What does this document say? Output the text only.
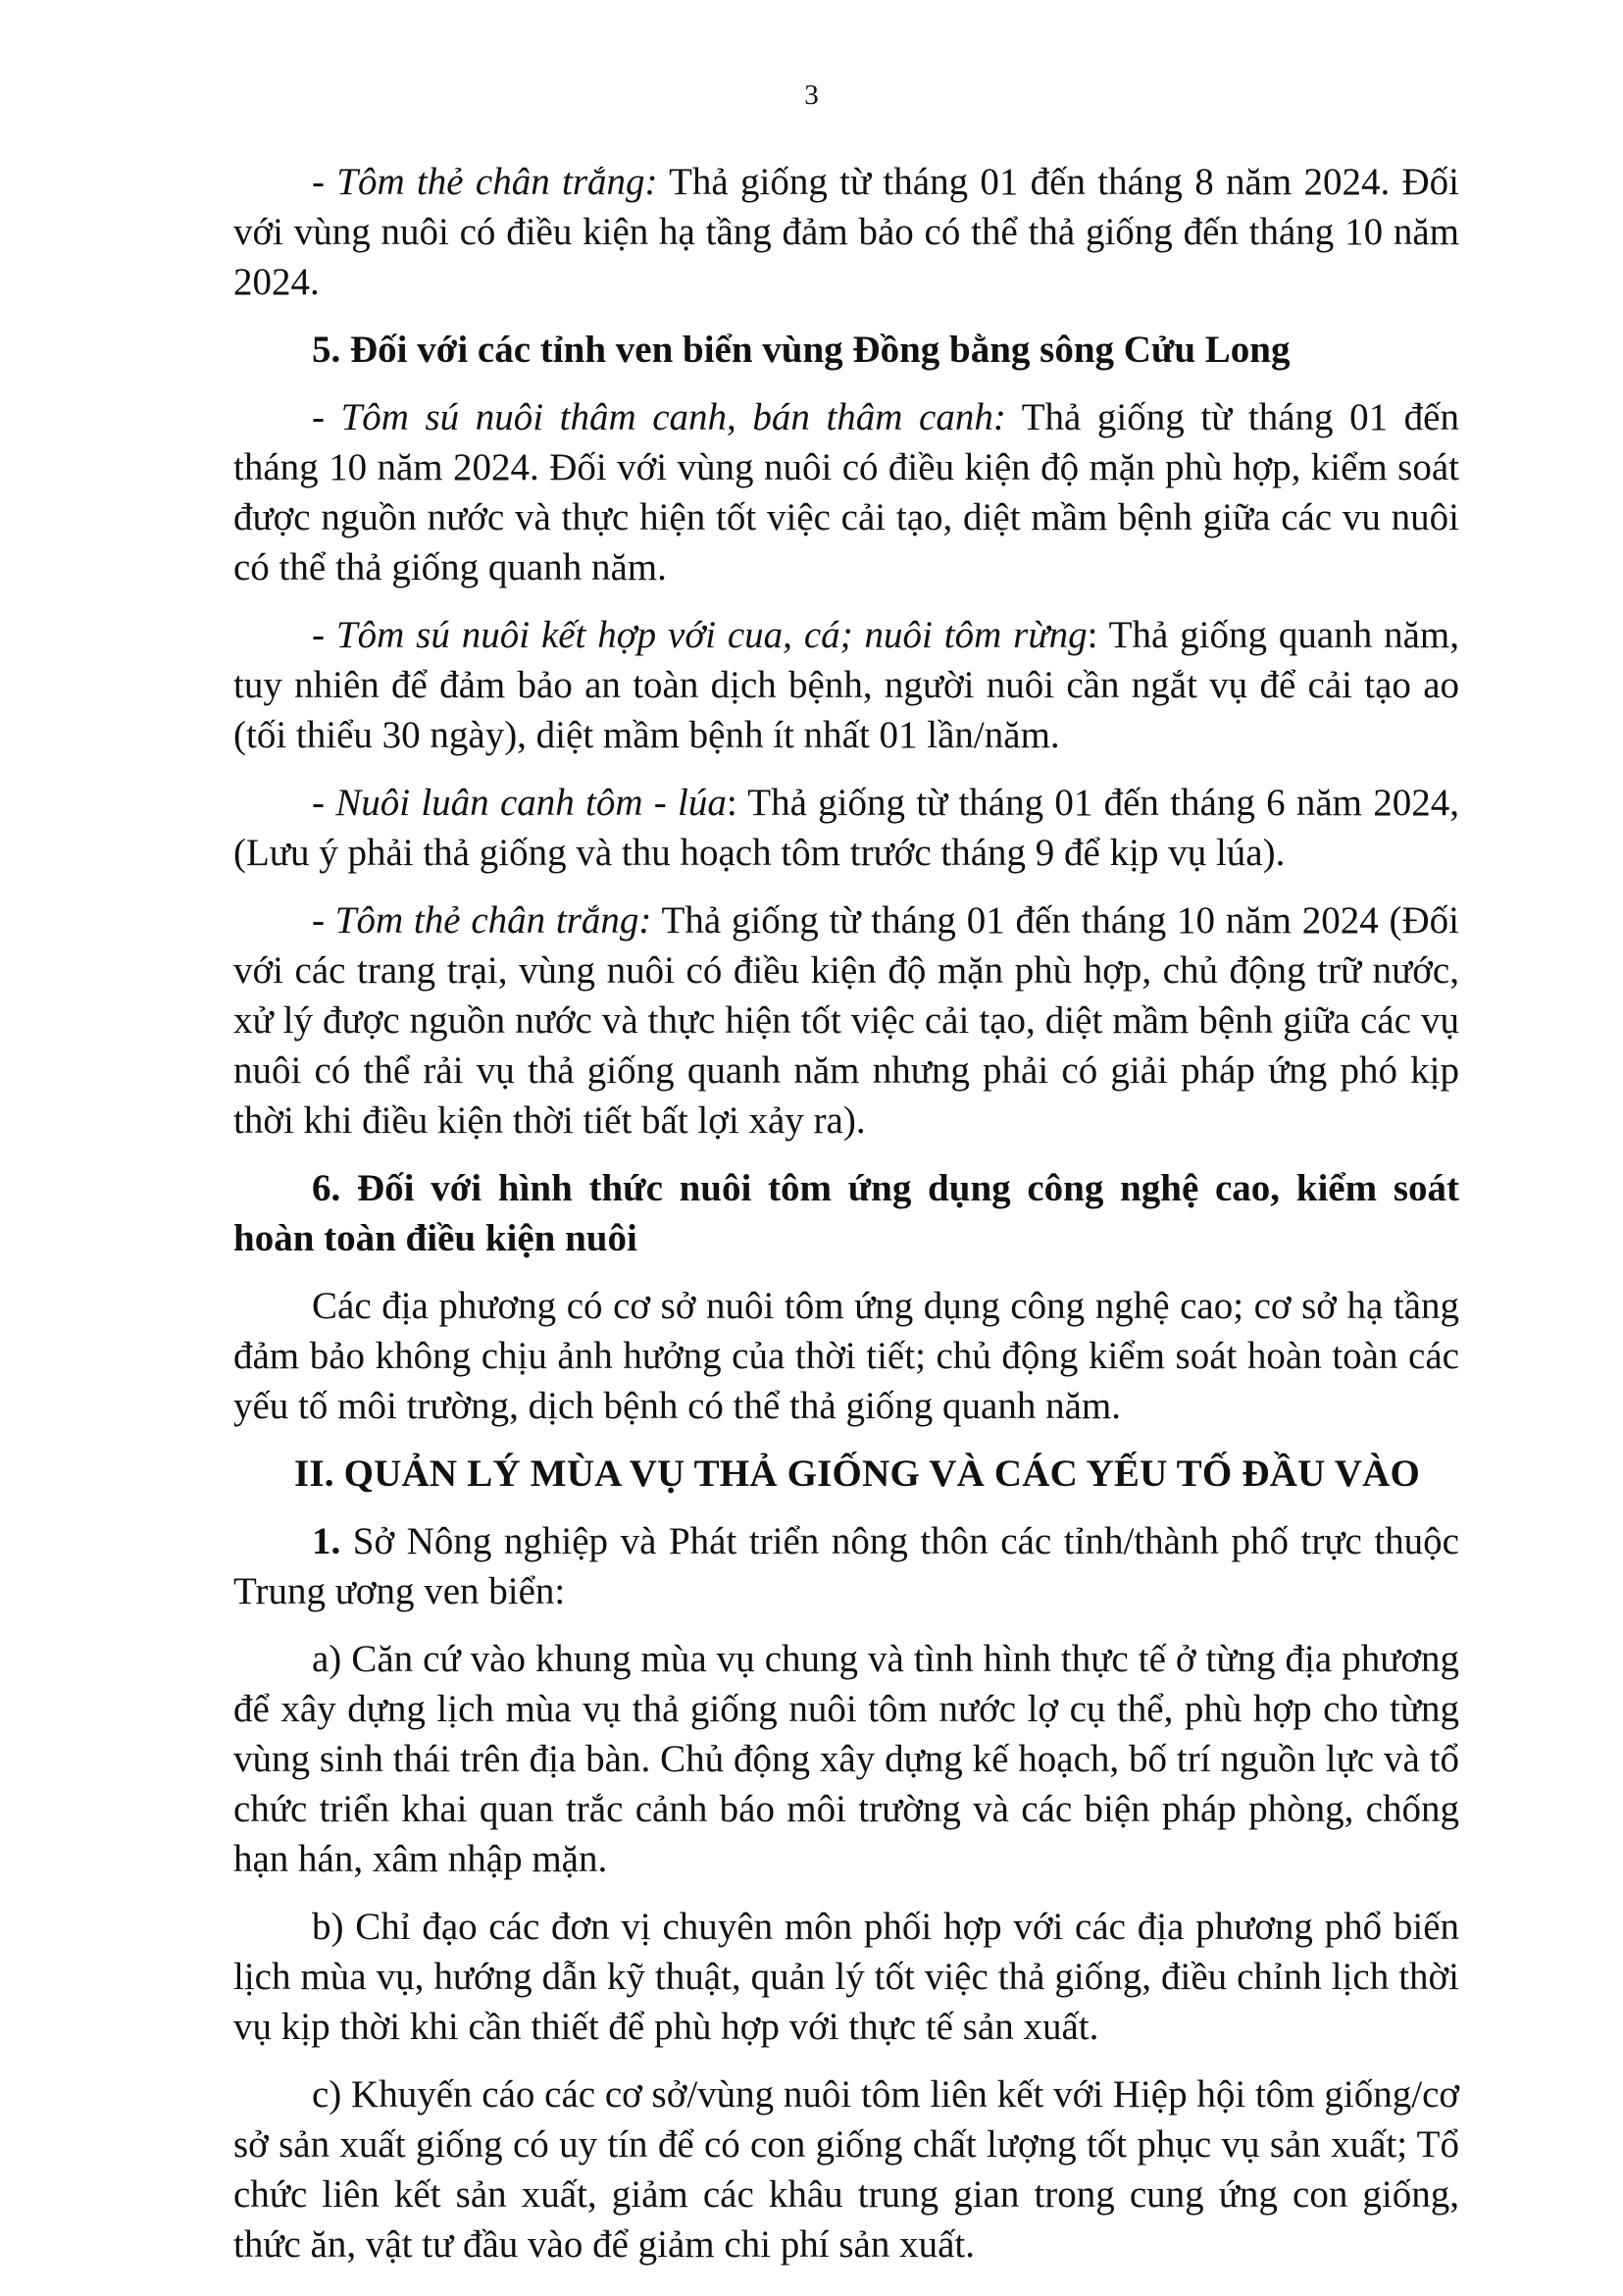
3

- Tôm thẻ chân trắng: Thả giống từ tháng 01 đến tháng 8 năm 2024. Đối với vùng nuôi có điều kiện hạ tầng đảm bảo có thể thả giống đến tháng 10 năm 2024.

5. Đối với các tỉnh ven biển vùng Đồng bằng sông Cửu Long

- Tôm sú nuôi thâm canh, bán thâm canh: Thả giống từ tháng 01 đến tháng 10 năm 2024. Đối với vùng nuôi có điều kiện độ mặn phù hợp, kiểm soát được nguồn nước và thực hiện tốt việc cải tạo, diệt mầm bệnh giữa các vu nuôi có thể thả giống quanh năm.

- Tôm sú nuôi kết hợp với cua, cá; nuôi tôm rừng: Thả giống quanh năm, tuy nhiên để đảm bảo an toàn dịch bệnh, người nuôi cần ngắt vụ để cải tạo ao (tối thiểu 30 ngày), diệt mầm bệnh ít nhất 01 lần/năm.

- Nuôi luân canh tôm - lúa: Thả giống từ tháng 01 đến tháng 6 năm 2024, (Lưu ý phải thả giống và thu hoạch tôm trước tháng 9 để kịp vụ lúa).

- Tôm thẻ chân trắng: Thả giống từ tháng 01 đến tháng 10 năm 2024 (Đối với các trang trại, vùng nuôi có điều kiện độ mặn phù hợp, chủ động trữ nước, xử lý được nguồn nước và thực hiện tốt việc cải tạo, diệt mầm bệnh giữa các vụ nuôi có thể rải vụ thả giống quanh năm nhưng phải có giải pháp ứng phó kịp thời khi điều kiện thời tiết bất lợi xảy ra).

6. Đối với hình thức nuôi tôm ứng dụng công nghệ cao, kiểm soát hoàn toàn điều kiện nuôi

Các địa phương có cơ sở nuôi tôm ứng dụng công nghệ cao; cơ sở hạ tầng đảm bảo không chịu ảnh hưởng của thời tiết; chủ động kiểm soát hoàn toàn các yếu tố môi trường, dịch bệnh có thể thả giống quanh năm.

II. QUẢN LÝ MÙA VỤ THẢ GIỐNG VÀ CÁC YẾU TỐ ĐẦU VÀO

1. Sở Nông nghiệp và Phát triển nông thôn các tỉnh/thành phố trực thuộc Trung ương ven biển:

a) Căn cứ vào khung mùa vụ chung và tình hình thực tế ở từng địa phương để xây dựng lịch mùa vụ thả giống nuôi tôm nước lợ cụ thể, phù hợp cho từng vùng sinh thái trên địa bàn. Chủ động xây dựng kế hoạch, bố trí nguồn lực và tổ chức triển khai quan trắc cảnh báo môi trường và các biện pháp phòng, chống hạn hán, xâm nhập mặn.

b) Chỉ đạo các đơn vị chuyên môn phối hợp với các địa phương phổ biến lịch mùa vụ, hướng dẫn kỹ thuật, quản lý tốt việc thả giống, điều chỉnh lịch thời vụ kịp thời khi cần thiết để phù hợp với thực tế sản xuất.

c) Khuyến cáo các cơ sở/vùng nuôi tôm liên kết với Hiệp hội tôm giống/cơ sở sản xuất giống có uy tín để có con giống chất lượng tốt phục vụ sản xuất; Tổ chức liên kết sản xuất, giảm các khâu trung gian trong cung ứng con giống, thức ăn, vật tư đầu vào để giảm chi phí sản xuất.
